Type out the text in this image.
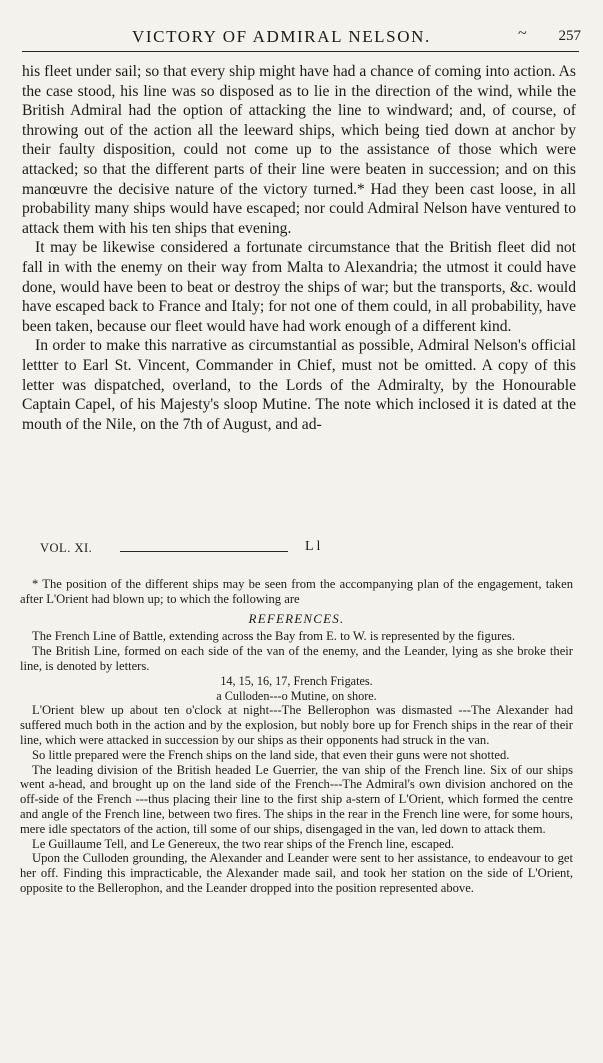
VICTORY OF ADMIRAL NELSON.	~ 257

his fleet under sail; so that every ship might have had a chance of coming into action. As the case stood, his line was so disposed as to lie in the direction of the wind, while the British Admiral had the option of attacking the line to windward; and, of course, of throwing out of the action all the leeward ships, which being tied down at anchor by their faulty disposition, could not come up to the assistance of those which were attacked; so that the different parts of their line were beaten in succession; and on this manœuvre the decisive nature of the victory turned.* Had they been cast loose, in all probability many ships would have escaped; nor could Admiral Nelson have ventured to attack them with his ten ships that evening.

It may be likewise considered a fortunate circumstance that the British fleet did not fall in with the enemy on their way from Malta to Alexandria; the utmost it could have done, would have been to beat or destroy the ships of war; but the transports, &c. would have escaped back to France and Italy; for not one of them could, in all probability, have been taken, because our fleet would have had work enough of a different kind.

In order to make this narrative as circumstantial as possible, Admiral Nelson's official lettter to Earl St. Vincent, Commander in Chief, must not be omitted. A copy of this letter was dispatched, overland, to the Lords of the Admiralty, by the Honourable Captain Capel, of his Majesty's sloop Mutine. The note which inclosed it is dated at the mouth of the Nile, on the 7th of August, and ad-

VOL. XI.	L l

* The position of the different ships may be seen from the accompanying plan of the engagement, taken after L'Orient had blown up; to which the following are

REFERENCES.

The French Line of Battle, extending across the Bay from E. to W. is represented by the figures.

The British Line, formed on each side of the van of the enemy, and the Leander, lying as she broke their line, is denoted by letters.

14, 15, 16, 17, French Frigates.

a Culloden---o Mutine, on shore.

L'Orient blew up about ten o'clock at night---The Bellerophon was dismasted ---The Alexander had suffered much both in the action and by the explosion, but nobly bore up for French ships in the rear of their line, which were attacked in succession by our ships as their opponents had struck in the van.

So little prepared were the French ships on the land side, that even their guns were not shotted.

The leading division of the British headed Le Guerrier, the van ship of the French line. Six of our ships went a-head, and brought up on the land side of the French---The Admiral's own division anchored on the off-side of the French ---thus placing their line to the first ship a-stern of L'Orient, which formed the centre and angle of the French line, between two fires. The ships in the rear in the French line were, for some hours, mere idle spectators of the action, till some of our ships, disengaged in the van, led down to attack them.

Le Guillaume Tell, and Le Genereux, the two rear ships of the French line, escaped.

Upon the Culloden grounding, the Alexander and Leander were sent to her assistance, to endeavour to get her off. Finding this impracticable, the Alexander made sail, and took her station on the side of L'Orient, opposite to the Bellerophon, and the Leander dropped into the position represented above.
